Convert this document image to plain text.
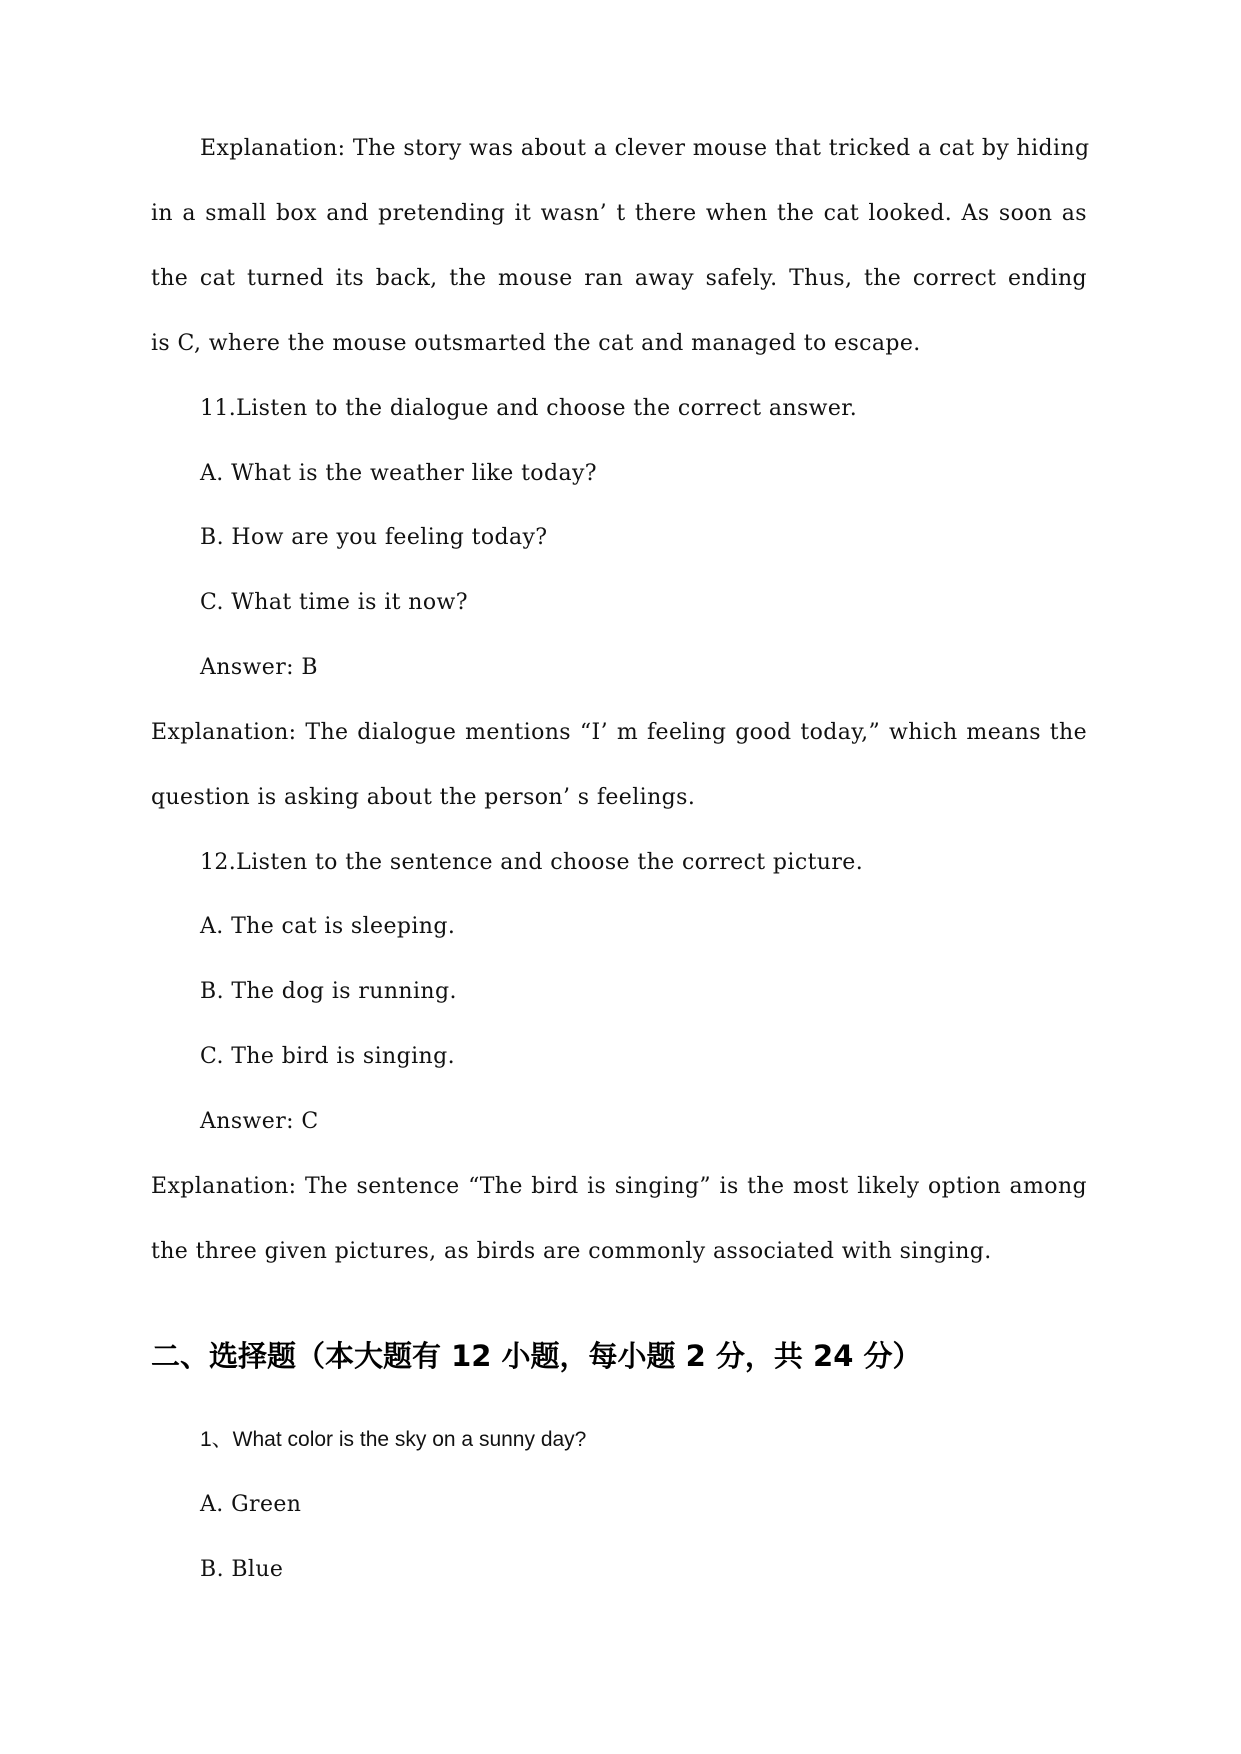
Explanation: The story was about a clever mouse that tricked a cat by hiding
in a small box and pretending it wasn’ t there when the cat looked. As soon as
the cat turned its back, the mouse ran away safely. Thus, the correct ending
is C, where the mouse outsmarted the cat and managed to escape.
11.Listen to the dialogue and choose the correct answer.
A. What is the weather like today?
B. How are you feeling today?
C. What time is it now?
Answer: B
Explanation: The dialogue mentions “I’ m feeling good today,” which means the
question is asking about the person’ s feelings.
12.Listen to the sentence and choose the correct picture.
A. The cat is sleeping.
B. The dog is running.
C. The bird is singing.
Answer: C
Explanation: The sentence “The bird is singing” is the most likely option among
the three given pictures, as birds are commonly associated with singing.
二、选择题（本大题有 12 小题，每小题 2 分，共 24 分）
1、What color is the sky on a sunny day?
A. Green
B. Blue
